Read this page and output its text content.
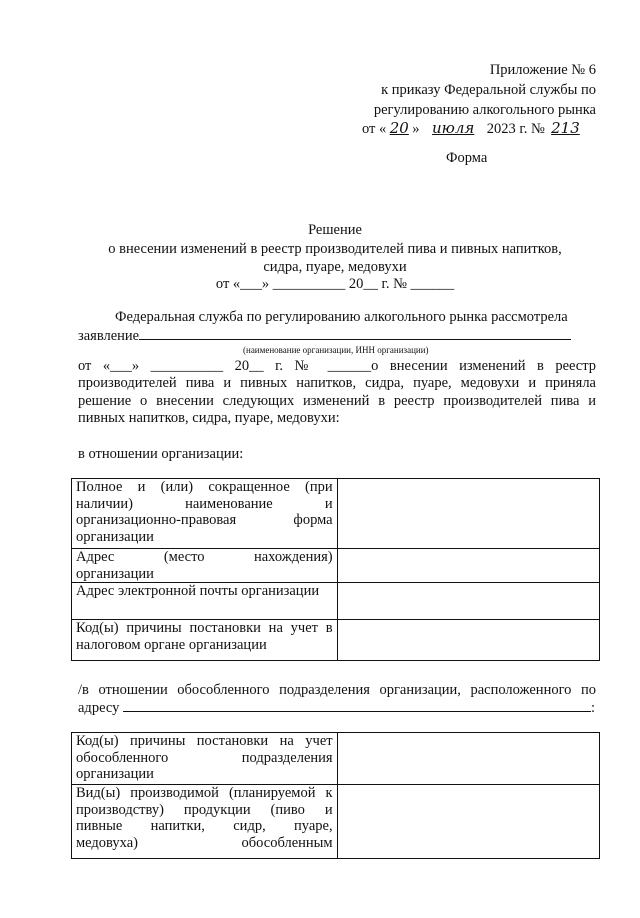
Приложение № 6
к приказу Федеральной службы по
регулированию алкогольного рынка
от « 20 » июля 2023 г. № 213
Форма
Решение
о внесении изменений в реестр производителей пива и пивных напитков,
сидра, пуаре, медовухи
от «___» __________ 20__ г. № ______
Федеральная служба по регулированию алкогольного рынка рассмотрела
заявление
(наименование организации, ИНН организации)
от «___» __________ 20__ г. № ______о внесении изменений в реестр
производителей пива и пивных напитков, сидра, пуаре, медовухи и приняла
решение о внесении следующих изменений в реестр производителей пива и
пивных напитков, сидра, пуаре, медовухи:
в отношении организации:
Полное и (или) сокращенное (при
наличии) наименование и
организационно-правовая форма
организации	

Адрес (место нахождения)
организации	

Адрес электронной почты организации	

Код(ы) причины постановки на учет в
налоговом органе организации	

/в отношении обособленного подразделения организации, расположенного по
адресу	:
Код(ы) причины постановки на учет
обособленного подразделения
организации	

Вид(ы) производимой (планируемой к
производству) продукции (пиво и
пивные напитки, сидр, пуаре,
медовуха) обособленным	
